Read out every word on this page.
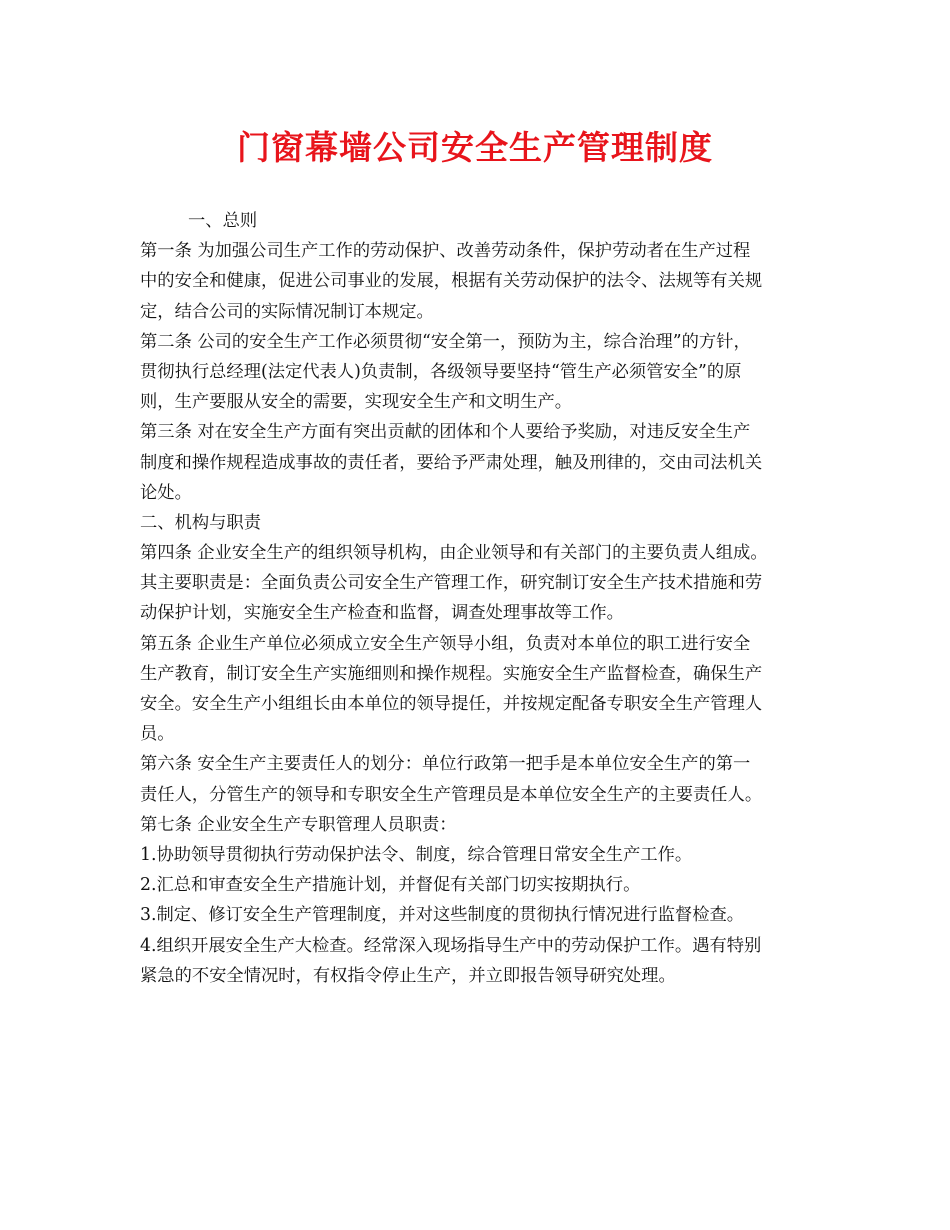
门窗幕墙公司安全生产管理制度
一、总则
第一条 为加强公司生产工作的劳动保护、改善劳动条件，保护劳动者在生产过程
中的安全和健康，促进公司事业的发展，根据有关劳动保护的法令、法规等有关规
定，结合公司的实际情况制订本规定。
第二条 公司的安全生产工作必须贯彻“安全第一，预防为主，综合治理”的方针，
贯彻执行总经理(法定代表人)负责制，各级领导要坚持“管生产必须管安全”的原
则，生产要服从安全的需要，实现安全生产和文明生产。
第三条 对在安全生产方面有突出贡献的团体和个人要给予奖励，对违反安全生产
制度和操作规程造成事故的责任者，要给予严肃处理，触及刑律的，交由司法机关
论处。
二、机构与职责
第四条 企业安全生产的组织领导机构，由企业领导和有关部门的主要负责人组成。
其主要职责是：全面负责公司安全生产管理工作，研究制订安全生产技术措施和劳
动保护计划，实施安全生产检查和监督，调查处理事故等工作。
第五条 企业生产单位必须成立安全生产领导小组，负责对本单位的职工进行安全
生产教育，制订安全生产实施细则和操作规程。实施安全生产监督检查，确保生产
安全。安全生产小组组长由本单位的领导提任，并按规定配备专职安全生产管理人
员。
第六条 安全生产主要责任人的划分：单位行政第一把手是本单位安全生产的第一
责任人，分管生产的领导和专职安全生产管理员是本单位安全生产的主要责任人。
第七条 企业安全生产专职管理人员职责：
1.协助领导贯彻执行劳动保护法令、制度，综合管理日常安全生产工作。
2.汇总和审查安全生产措施计划，并督促有关部门切实按期执行。
3.制定、修订安全生产管理制度，并对这些制度的贯彻执行情况进行监督检查。
4.组织开展安全生产大检查。经常深入现场指导生产中的劳动保护工作。遇有特别
紧急的不安全情况时，有权指令停止生产，并立即报告领导研究处理。
